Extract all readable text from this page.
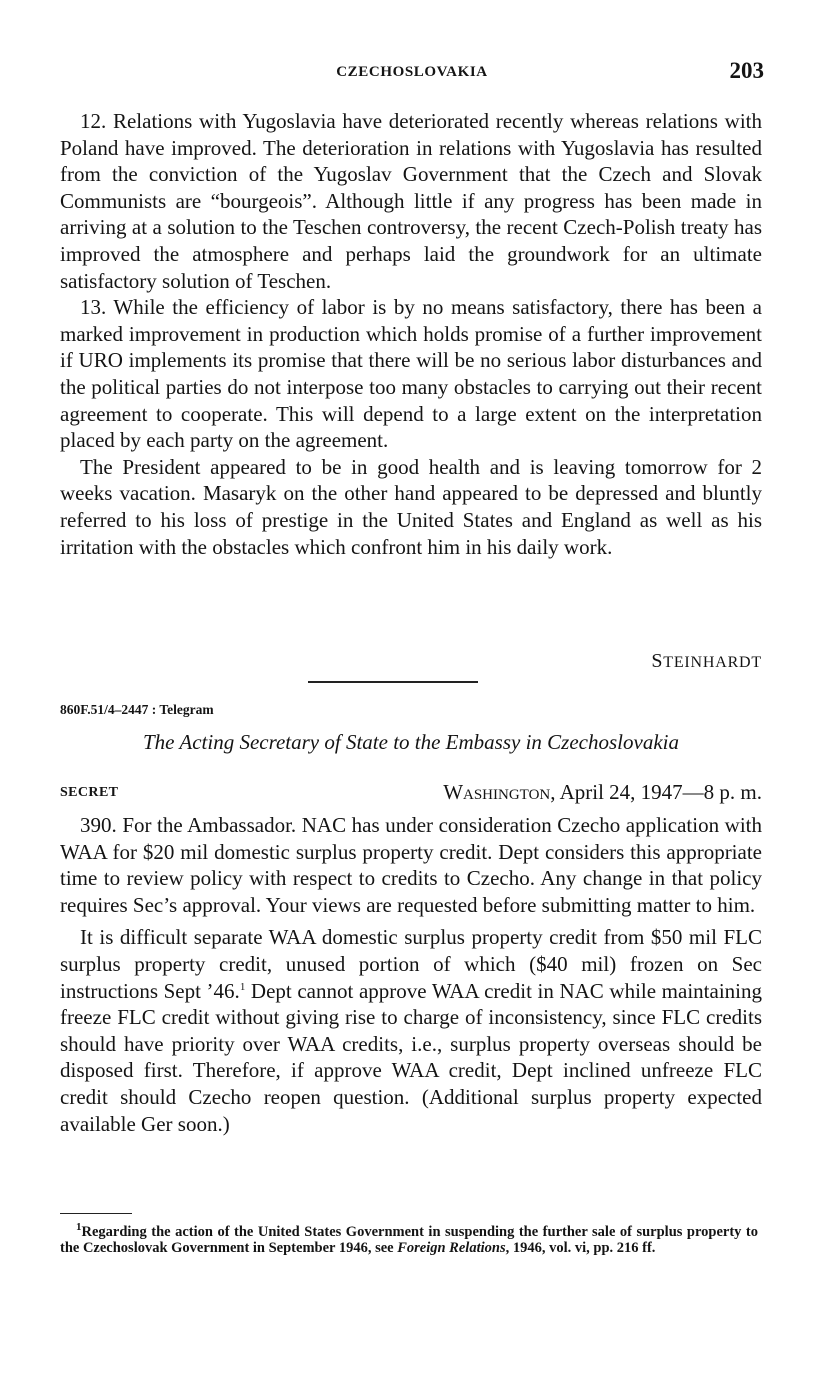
CZECHOSLOVAKIA	203

12. Relations with Yugoslavia have deteriorated recently whereas relations with Poland have improved. The deterioration in relations with Yugoslavia has resulted from the conviction of the Yugoslav Government that the Czech and Slovak Communists are “bourgeois”. Although little if any progress has been made in arriving at a solution to the Teschen controversy, the recent Czech-Polish treaty has improved the atmosphere and perhaps laid the groundwork for an ultimate satisfactory solution of Teschen.

13. While the efficiency of labor is by no means satisfactory, there has been a marked improvement in production which holds promise of a further improvement if URO implements its promise that there will be no serious labor disturbances and the political parties do not interpose too many obstacles to carrying out their recent agreement to cooperate. This will depend to a large extent on the interpretation placed by each party on the agreement.

The President appeared to be in good health and is leaving tomorrow for 2 weeks vacation. Masaryk on the other hand appeared to be depressed and bluntly referred to his loss of prestige in the United States and England as well as his irritation with the obstacles which confront him in his daily work.

STEINHARDT
860F.51/4–2447 : Telegram
The Acting Secretary of State to the Embassy in Czechoslovakia
SECRET	Washington, April 24, 1947—8 p. m.

390. For the Ambassador. NAC has under consideration Czecho application with WAA for $20 mil domestic surplus property credit. Dept considers this appropriate time to review policy with respect to credits to Czecho. Any change in that policy requires Sec’s approval. Your views are requested before submitting matter to him.

It is difficult separate WAA domestic surplus property credit from $50 mil FLC surplus property credit, unused portion of which ($40 mil) frozen on Sec instructions Sept ’46.$^1$ Dept cannot approve WAA credit in NAC while maintaining freeze FLC credit without giving rise to charge of inconsistency, since FLC credits should have priority over WAA credits, i.e., surplus property overseas should be disposed first. Therefore, if approve WAA credit, Dept inclined unfreeze FLC credit should Czecho reopen question. (Additional surplus property expected available Ger soon.)

$^1$Regarding the action of the United States Government in suspending the further sale of surplus property to the Czechoslovak Government in September 1946, see Foreign Relations, 1946, vol. vi, pp. 216 ff.
